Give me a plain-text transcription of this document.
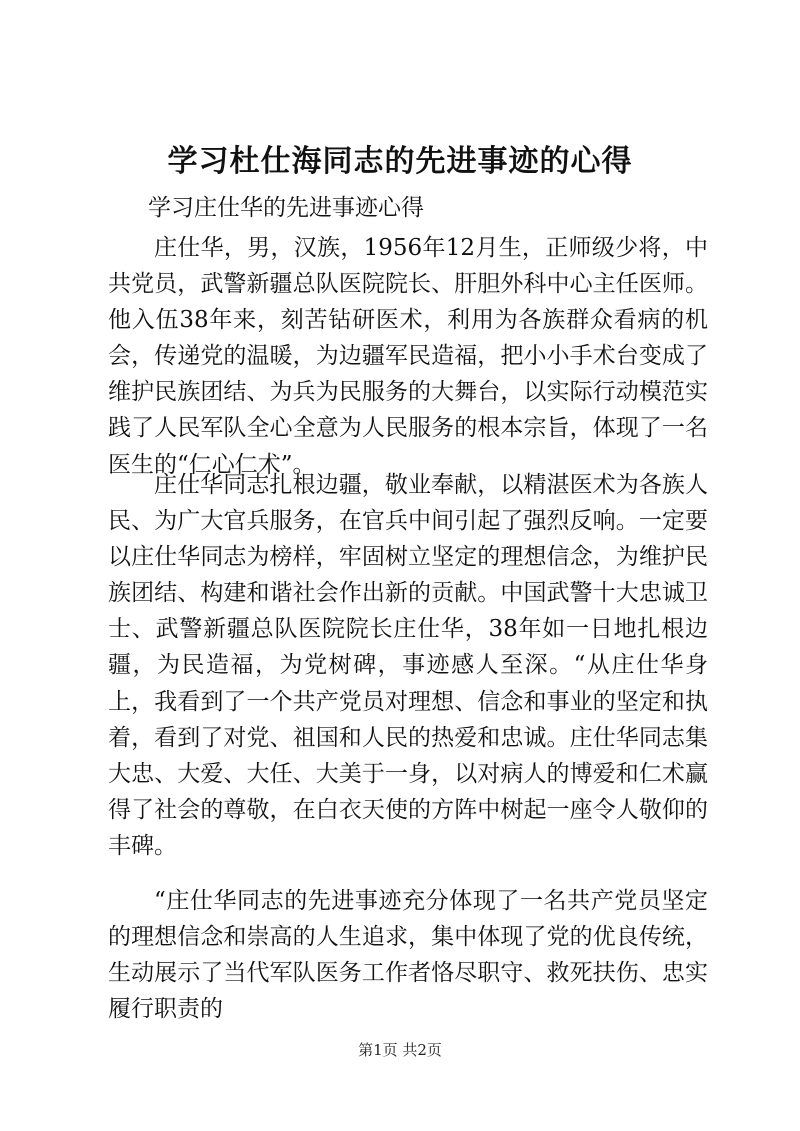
学习杜仕海同志的先进事迹的心得
学习庄仕华的先进事迹心得

庄仕华，男，汉族，1956年12月生，正师级少将，中共党员，武警新疆总队医院院长、肝胆外科中心主任医师。他入伍38年来，刻苦钻研医术，利用为各族群众看病的机会，传递党的温暖，为边疆军民造福，把小小手术台变成了维护民族团结、为兵为民服务的大舞台，以实际行动模范实践了人民军队全心全意为人民服务的根本宗旨，体现了一名医生的“仁心仁术”。

庄仕华同志扎根边疆，敬业奉献，以精湛医术为各族人民、为广大官兵服务，在官兵中间引起了强烈反响。一定要以庄仕华同志为榜样，牢固树立坚定的理想信念，为维护民族团结、构建和谐社会作出新的贡献。中国武警十大忠诚卫士、武警新疆总队医院院长庄仕华，38年如一日地扎根边疆，为民造福，为党树碑，事迹感人至深。“从庄仕华身上，我看到了一个共产党员对理想、信念和事业的坚定和执着，看到了对党、祖国和人民的热爱和忠诚。庄仕华同志集大忠、大爱、大任、大美于一身，以对病人的博爱和仁术赢得了社会的尊敬，在白衣天使的方阵中树起一座令人敬仰的丰碑。

“庄仕华同志的先进事迹充分体现了一名共产党员坚定的理想信念和崇高的人生追求，集中体现了党的优良传统，生动展示了当代军队医务工作者恪尽职守、救死扶伤、忠实履行职责的

第1页 共2页
